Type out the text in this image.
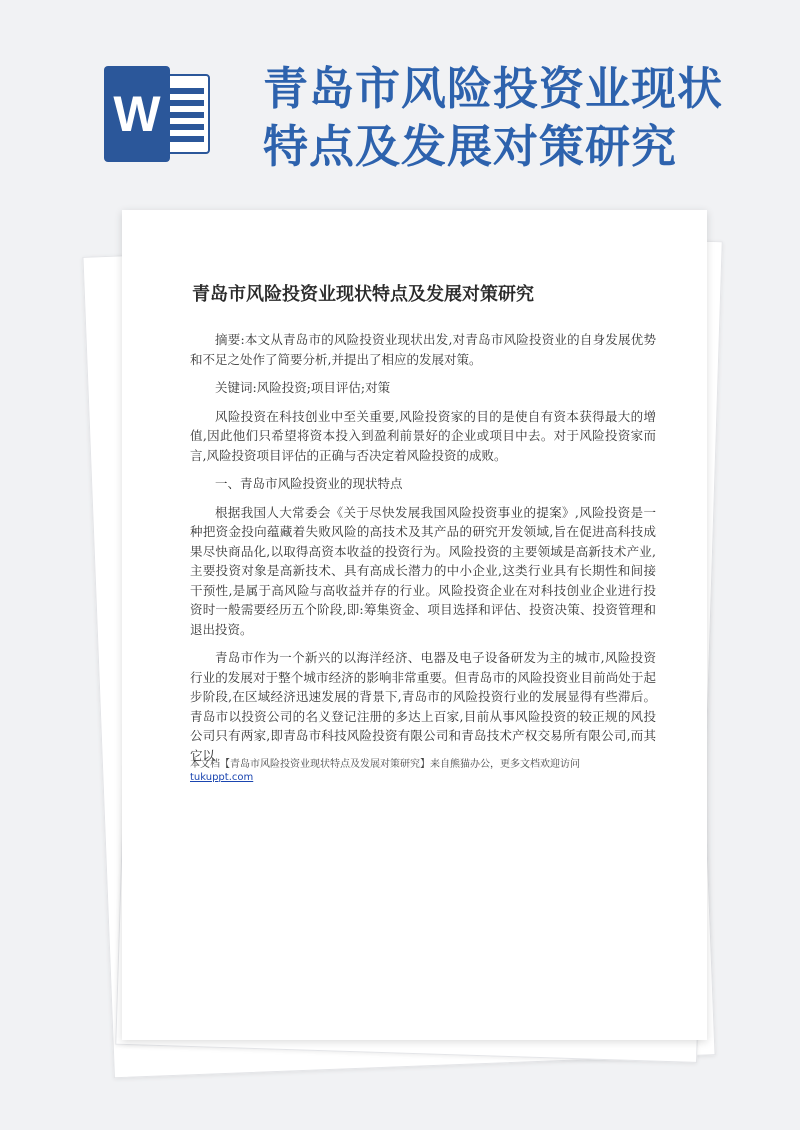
W 青岛市风险投资业现状
特点及发展对策研究
青岛市风险投资业现状特点及发展对策研究

摘要:本文从青岛市的风险投资业现状出发,对青岛市风险投资业的自身发展优势和不足之处作了简要分析,并提出了相应的发展对策。

关键词:风险投资;项目评估;对策

风险投资在科技创业中至关重要,风险投资家的目的是使自有资本获得最大的增值,因此他们只希望将资本投入到盈利前景好的企业或项目中去。对于风险投资家而言,风险投资项目评估的正确与否决定着风险投资的成败。

一、青岛市风险投资业的现状特点

根据我国人大常委会《关于尽快发展我国风险投资事业的提案》,风险投资是一种把资金投向蕴藏着失败风险的高技术及其产品的研究开发领域,旨在促进高科技成果尽快商品化,以取得高资本收益的投资行为。风险投资的主要领域是高新技术产业,主要投资对象是高新技术、具有高成长潜力的中小企业,这类行业具有长期性和间接干预性,是属于高风险与高收益并存的行业。风险投资企业在对科技创业企业进行投资时一般需要经历五个阶段,即:筹集资金、项目选择和评估、投资决策、投资管理和退出投资。

青岛市作为一个新兴的以海洋经济、电器及电子设备研发为主的城市,风险投资行业的发展对于整个城市经济的影响非常重要。但青岛市的风险投资业目前尚处于起步阶段,在区域经济迅速发展的背景下,青岛市的风险投资行业的发展显得有些滞后。青岛市以投资公司的名义登记注册的多达上百家,目前从事风险投资的较正规的风投公司只有两家,即青岛市科技风险投资有限公司和青岛技术产权交易所有限公司,而其它以

本文档【青岛市风险投资业现状特点及发展对策研究】来自熊猫办公，更多文档欢迎访问
tukuppt.com
